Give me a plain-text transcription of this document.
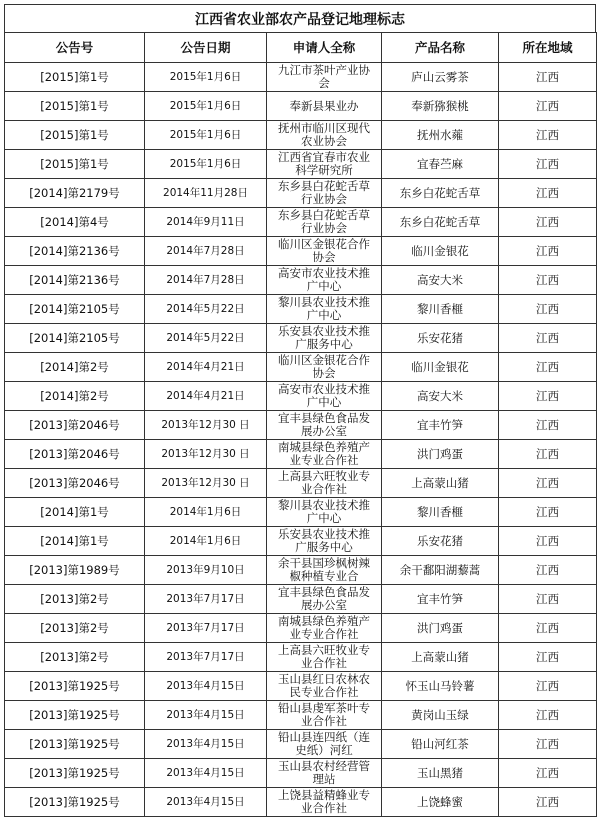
江西省农业部农产品登记地理标志
公告号	公告日期	申请人全称	产品名称	所在地域
[2015]第1号	2015年1月6日	九江市茶叶产业协会	庐山云雾茶	江西
[2015]第1号	2015年1月6日	奉新县果业办	奉新猕猴桃	江西
[2015]第1号	2015年1月6日	抚州市临川区现代农业协会	抚州水蕹	江西
[2015]第1号	2015年1月6日	江西省宜春市农业科学研究所	宜春苎麻	江西
[2014]第2179号	2014年11月28日	东乡县白花蛇舌草行业协会	东乡白花蛇舌草	江西
[2014]第4号	2014年9月11日	东乡县白花蛇舌草行业协会	东乡白花蛇舌草	江西
[2014]第2136号	2014年7月28日	临川区金银花合作协会	临川金银花	江西
[2014]第2136号	2014年7月28日	高安市农业技术推广中心	高安大米	江西
[2014]第2105号	2014年5月22日	黎川县农业技术推广中心	黎川香榧	江西
[2014]第2105号	2014年5月22日	乐安县农业技术推广服务中心	乐安花猪	江西
[2014]第2号	2014年4月21日	临川区金银花合作协会	临川金银花	江西
[2014]第2号	2014年4月21日	高安市农业技术推广中心	高安大米	江西
[2013]第2046号	2013年12月30 日	宜丰县绿色食品发展办公室	宜丰竹笋	江西
[2013]第2046号	2013年12月30 日	南城县绿色养殖产业专业合作社	洪门鸡蛋	江西
[2013]第2046号	2013年12月30 日	上高县六旺牧业专业合作社	上高蒙山猪	江西
[2014]第1号	2014年1月6日	黎川县农业技术推广中心	黎川香榧	江西
[2014]第1号	2014年1月6日	乐安县农业技术推广服务中心	乐安花猪	江西
[2013]第1989号	2013年9月10日	余干县国珍枫树辣椒种植专业合	余干鄱阳湖藜蒿	江西
[2013]第2号	2013年7月17日	宜丰县绿色食品发展办公室	宜丰竹笋	江西
[2013]第2号	2013年7月17日	南城县绿色养殖产业专业合作社	洪门鸡蛋	江西
[2013]第2号	2013年7月17日	上高县六旺牧业专业合作社	上高蒙山猪	江西
[2013]第1925号	2013年4月15日	玉山县红日农林农民专业合作社	怀玉山马铃薯	江西
[2013]第1925号	2013年4月15日	铅山县虔军茶叶专业合作社	黄岗山玉绿	江西
[2013]第1925号	2013年4月15日	铅山县连四纸（连史纸）河红	铅山河红茶	江西
[2013]第1925号	2013年4月15日	玉山县农村经营管理站	玉山黑猪	江西
[2013]第1925号	2013年4月15日	上饶县益精蜂业专业合作社	上饶蜂蜜	江西
